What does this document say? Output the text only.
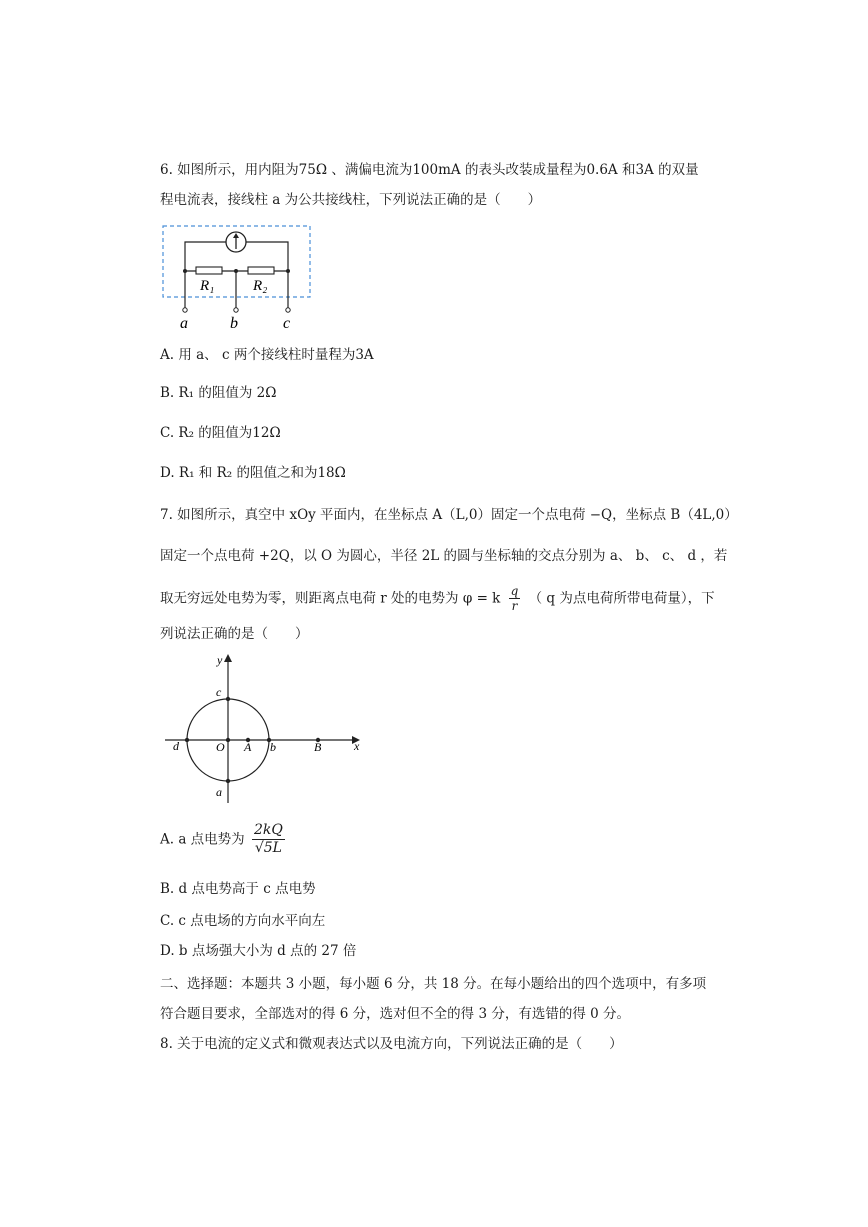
6. 如图所示，用内阻为75Ω 、满偏电流为100mA 的表头改装成量程为0.6A 和3A 的双量
程电流表，接线柱 a 为公共接线柱，下列说法正确的是（　　）
R₁	R₂
a	b	c
A. 用 a、 c 两个接线柱时量程为3A
B. R₁ 的阻值为 2Ω
C. R₂ 的阻值为12Ω
D. R₁ 和 R₂ 的阻值之和为18Ω
7. 如图所示，真空中 xOy 平面内，在坐标点 A（L,0）固定一个点电荷 −Q，坐标点 B（4L,0）
固定一个点电荷 +2Q，以 O 为圆心，半径 2L 的圆与坐标轴的交点分别为 a、 b、 c、 d ，若
取无穷远处电势为零，则距离点电荷 r 处的电势为 φ = k $\frac{q}{r}$ （ q 为点电荷所带电荷量），下
列说法正确的是（　　）
y
x
c
d	O A b	B
a
A. a 点电势为 $\frac{2kQ}{√5L}$
B. d 点电势高于 c 点电势
C. c 点电场的方向水平向左
D. b 点场强大小为 d 点的 27 倍
二、选择题：本题共 3 小题，每小题 6 分，共 18 分。在每小题给出的四个选项中，有多项
符合题目要求，全部选对的得 6 分，选对但不全的得 3 分，有选错的得 0 分。
8. 关于电流的定义式和微观表达式以及电流方向，下列说法正确的是（　　）
